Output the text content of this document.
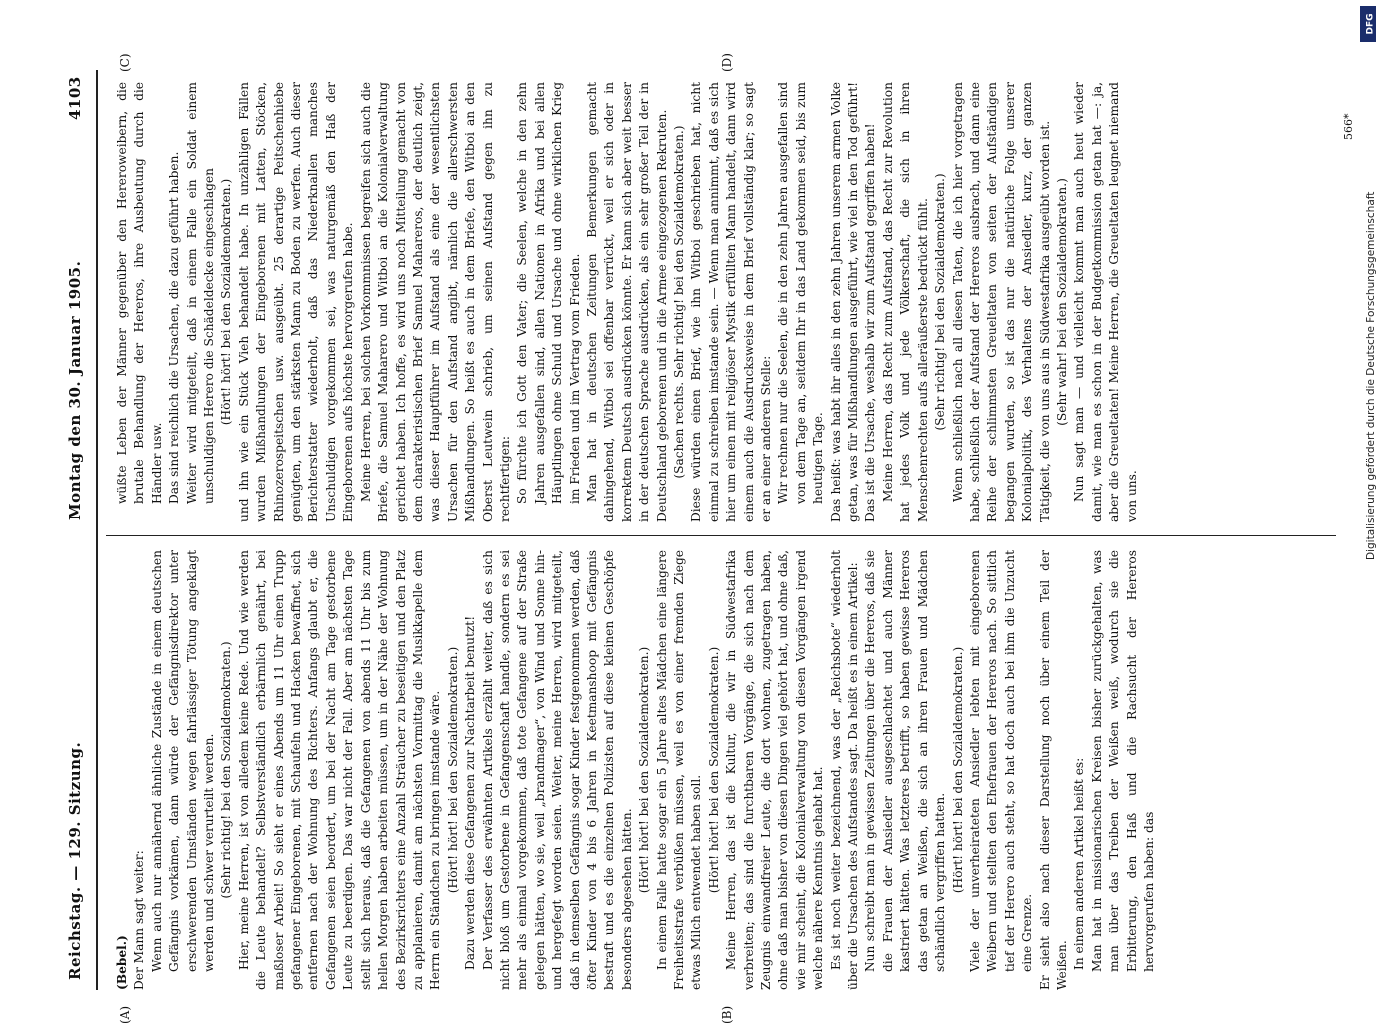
Reichstag. — 129. Sitzung.
Montag den 30. Januar 1905.
4103
(A)	(B)
(C)	(D)

(Bebel.) Der Mann sagt weiter: Wenn auch nur annähernd ähnliche Zustände in einem deutschen Gefängnis vorkämen, dann würde der Gefängnisdirektor unter erschwerenden Umständen wegen fahrlässiger Tötung angeklagt werden und schwer verurteilt werden. (Sehr richtig! bei den Sozialdemokraten.) Hier, meine Herren, ist von alledem keine Rede. Und wie werden die Leute behandelt? Selbstverständlich erbärmlich genährt, bei maßloser Arbeit! So sieht er eines Abends um 11 Uhr einen Trupp gefangener Eingeborenen, mit Schaufeln und Hacken bewaffnet, sich entfernen nach der Wohnung des Richters. Anfangs glaubt er, die Gefangenen seien beordert, um bei der Nacht am Tage gestorbene Leute zu beerdigen. Das war nicht der Fall. Aber am nächsten Tage stellt sich heraus, daß die Gefangenen von abends 11 Uhr bis zum hellen Morgen haben arbeiten müssen, um in der Nähe der Wohnung des Bezirksrichters eine Anzahl Sträucher zu beseitigen und den Platz zu applanieren, damit am nächsten Vormittag die Musikkapelle dem Herrn ein Ständchen zu bringen imstande wäre. (Hört! hört! bei den Sozialdemokraten.) Dazu werden diese Gefangenen zur Nachtarbeit benutzt! Der Verfasser des erwähnten Artikels erzählt weiter, daß es sich nicht bloß um Gestorbene in Gefangenschaft handle, sondern es sei mehr als einmal vorgekommen, daß tote Gefangene auf der Straße gelegen hätten, wo sie, weil „brandmager“, von Wind und Sonne hin- und hergefegt worden seien. Weiter, meine Herren, wird mitgeteilt, daß in demselben Gefängnis sogar Kinder festgenommen werden, daß öfter Kinder von 4 bis 6 Jahren in Keetmanshoop mit Gefängnis bestraft und es die einzelnen Polizisten auf diese kleinen Geschöpfe besonders abgesehen hätten.

(Hört! hört! bei den Sozialdemokraten.) In einem Falle hatte sogar ein 5 Jahre altes Mädchen eine längere Freiheitsstrafe verbüßen müssen, weil es von einer fremden Ziege etwas Milch entwendet haben soll. (Hört! hört! bei den Sozialdemokraten.) Meine Herren, das ist die Kultur, die wir in Südwestafrika verbreiten; das sind die furchtbaren Vorgänge, die sich nach dem Zeugnis einwandfreier Leute, die dort wohnen, zugetragen haben, ohne daß man bisher von diesen Dingen viel gehört hat, und ohne daß, wie mir scheint, die Kolonialverwaltung von diesen Vorgängen irgend welche nähere Kenntnis gehabt hat. Es ist noch weiter bezeichnend, was der „Reichsbote“ wiederholt über die Ursachen des Aufstandes sagt. Da heißt es in einem Artikel: Nun schreibt man in gewissen Zeitungen über die Hereros, daß sie die Frauen der Ansiedler ausgeschlachtet und auch Männer kastriert hätten. Was letzteres betrifft, so haben gewisse Hereros das getan an Weißen, die sich an ihren Frauen und Mädchen schändlich vergriffen hatten. (Hört! hört! bei den Sozialdemokraten.) Viele der unverheirateten Ansiedler lebten mit eingeborenen Weibern und stellten den Ehefrauen der Hereros nach. So sittlich tief der Herero auch steht, so hat doch auch bei ihm die Unzucht eine Grenze. Er sieht also nach dieser Darstellung noch über einem Teil der Weißen. In einem anderen Artikel heißt es: Man hat in missionarischen Kreisen bisher zurückgehalten, was man über das Treiben der Weißen weiß, wodurch sie die Erbitterung, den Haß und die Rachsucht der Hereros hervorgerufen haben: das

wüßte Leben der Männer gegenüber den Hereroweibern, die brutale Behandlung der Hereros, ihre Ausbeutung durch die Händler usw. Das sind reichlich die Ursachen, die dazu geführt haben. Weiter wird mitgeteilt, daß in einem Falle ein Soldat einem unschuldigen Herero die Schädeldecke eingeschlagen (Hört! hört! bei den Sozialdemokraten.) und ihn wie ein Stück Vieh behandelt habe. In unzähligen Fällen wurden Mißhandlungen der Eingeborenen mit Latten, Stöcken, Rhinozerospeitschen usw. ausgeübt. 25 derartige Peitschenhiebe genügten, um den stärksten Mann zu Boden zu werfen. Auch dieser Berichterstatter wiederholt, daß das Niederknallen manches Unschuldigen vorgekommen sei, was naturgemäß den Haß der Eingeborenen aufs höchste hervorgerufen habe. Meine Herren, bei solchen Vorkommnissen begreifen sich auch die Briefe, die Samuel Maharero und Witboi an die Kolonialverwaltung gerichtet haben. Ich hoffe, es wird uns noch Mitteilung gemacht von dem charakteristischen Brief Samuel Mahareros, der deutlich zeigt, was dieser Hauptführer im Aufstand als eine der wesentlichsten Ursachen für den Aufstand angibt, nämlich die allerschwersten Mißhandlungen. So heißt es auch in dem Briefe, den Witboi an den Oberst Leutwein schrieb, um seinen Aufstand gegen ihn zu rechtfertigen: So fürchte ich Gott den Vater; die Seelen, welche in den zehn Jahren ausgefallen sind, allen Nationen in Afrika und bei allen Häuptlingen ohne Schuld und Ursache und ohne wirklichen Krieg im Frieden und im Vertrag vom Frieden. Man hat in deutschen Zeitungen Bemerkungen gemacht dahingehend, Witboi sei offenbar verrückt, weil er sich oder in korrektem Deutsch ausdrücken könnte. Er kann sich aber weit besser in der deutschen Sprache ausdrücken, als ein sehr großer Teil der in Deutschland geborenen und in die Armee eingezogenen Rekruten. (Sachen rechts. Sehr richtig! bei den Sozialdemokraten.) Diese würden einen Brief, wie ihn Witboi geschrieben hat, nicht einmal zu schreiben imstande sein. — Wenn man annimmt, daß es sich hier um einen mit religiöser Mystik erfüllten Mann handelt, dann wird einem auch die Ausdrucksweise in dem Brief vollständig klar; so sagt er an einer anderen Stelle: Wir rechnen nur die Seelen, die in den zehn Jahren ausgefallen sind von dem Tage an, seitdem Ihr in das Land gekommen seid, bis zum heutigen Tage. Das heißt: was habt ihr alles in den zehn Jahren unserem armen Volke getan, was für Mißhandlungen ausgeführt, wie viel in den Tod geführt! Das ist die Ursache, weshalb wir zum Aufstand gegriffen haben! Meine Herren, das Recht zum Aufstand, das Recht zur Revolution hat jedes Volk und jede Völkerschaft, die sich in ihren Menschenrechten aufs alleräußerste bedrückt fühlt. (Sehr richtig! bei den Sozialdemokraten.) Wenn schließlich nach all diesen Taten, die ich hier vorgetragen habe, schließlich der Aufstand der Hereros ausbrach, und dann eine Reihe der schlimmsten Greueltaten von seiten der Aufständigen begangen wurden, so ist das nur die natürliche Folge unserer Kolonialpolitik, des Verhaltens der Ansiedler, kurz, der ganzen Tätigkeit, die von uns aus in Südwestafrika ausgeübt worden ist. (Sehr wahr! bei den Sozialdemokraten.) Nun sagt man — und vielleicht kommt man auch heut wieder damit, wie man es schon in der Budgetkommission getan hat —: ja, aber die Greueltaten! Meine Herren, die Greueltaten leugnet niemand von uns.

566*
Digitalisierung gefördert durch die Deutsche Forschungsgemeinschaft
DFG
